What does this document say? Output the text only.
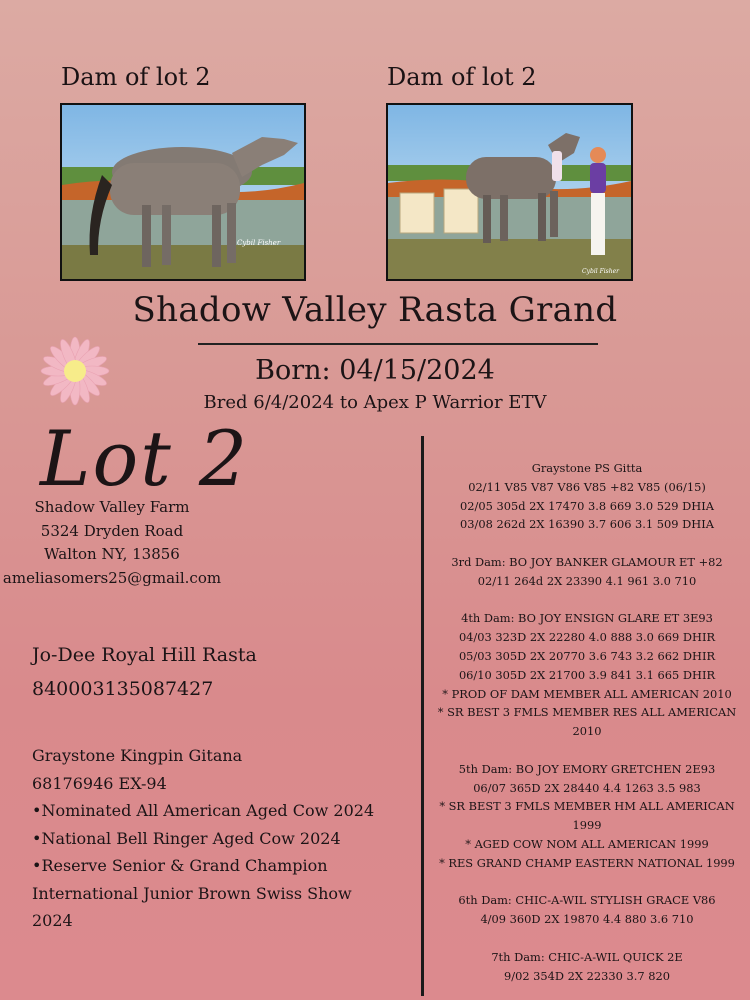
Dam of lot 2	Dam of lot 2
Cybil Fisher
Cybil Fisher
Shadow Valley Rasta Grand
Born: 04/15/2024
Bred 6/4/2024 to Apex P Warrior ETV
Lot 2
Shadow Valley Farm
5324 Dryden Road
Walton NY, 13856
ameliasomers25@gmail.com
Jo-Dee Royal Hill Rasta
840003135087427
Graystone Kingpin Gitana
68176946 EX-94
•Nominated All American Aged Cow 2024
•National Bell Ringer Aged Cow 2024
•Reserve Senior & Grand Champion
International Junior Brown Swiss Show
2024
Graystone PS Gitta
02/11 V85 V87 V86 V85 +82 V85 (06/15)
02/05 305d 2X 17470 3.8 669 3.0 529 DHIA
03/08 262d 2X 16390 3.7 606 3.1 509 DHIA
3rd Dam: BO JOY BANKER GLAMOUR ET +82
02/11 264d 2X 23390 4.1 961 3.0 710
4th Dam: BO JOY ENSIGN GLARE ET 3E93
04/03 323D 2X 22280 4.0 888 3.0 669 DHIR
05/03 305D 2X 20770 3.6 743 3.2 662 DHIR
06/10 305D 2X 21700 3.9 841 3.1 665 DHIR
* PROD OF DAM MEMBER ALL AMERICAN 2010
* SR BEST 3 FMLS MEMBER RES ALL AMERICAN 2010
5th Dam: BO JOY EMORY GRETCHEN 2E93
06/07 365D 2X 28440 4.4 1263 3.5 983
* SR BEST 3 FMLS MEMBER HM ALL AMERICAN 1999
* AGED COW NOM ALL AMERICAN 1999
* RES GRAND CHAMP EASTERN NATIONAL 1999
6th Dam: CHIC-A-WIL STYLISH GRACE V86
4/09 360D 2X 19870 4.4 880 3.6 710
7th Dam: CHIC-A-WIL QUICK 2E
9/02 354D 2X 22330 3.7 820
